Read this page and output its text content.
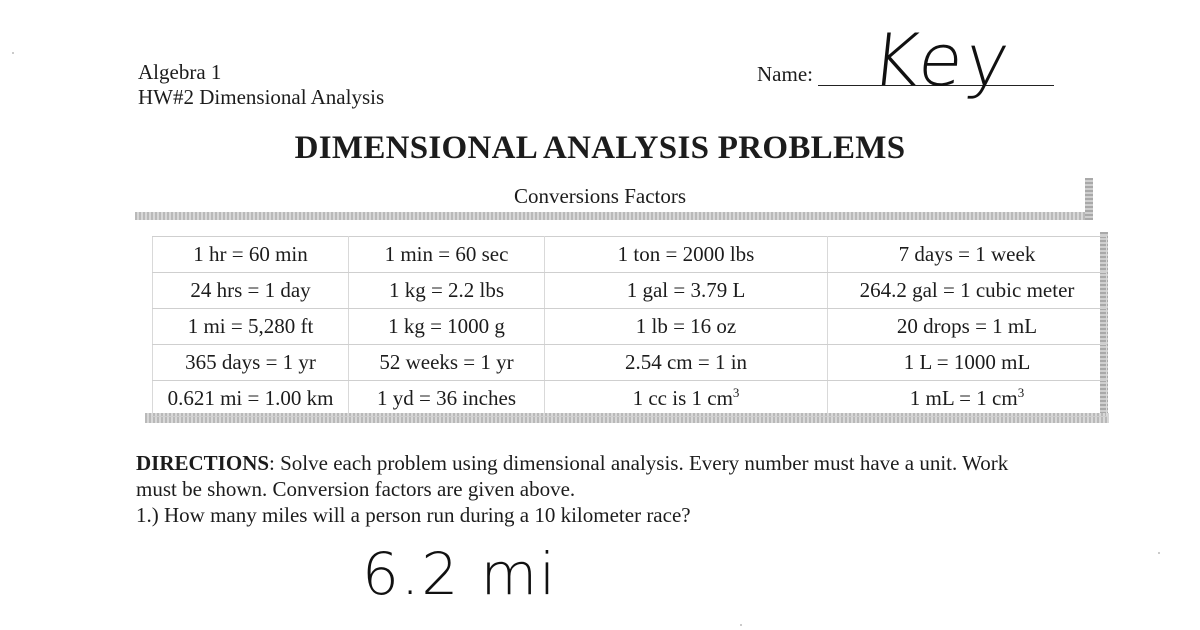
Algebra 1
HW#2 Dimensional Analysis
Name: Key
DIMENSIONAL ANALYSIS PROBLEMS
Conversions Factors
1 hr = 60 min	1 min = 60 sec	1 ton = 2000 lbs	7 days = 1 week
24 hrs = 1 day	1 kg = 2.2 lbs	1 gal = 3.79 L	264.2 gal = 1 cubic meter
1 mi = 5,280 ft	1 kg = 1000 g	1 lb = 16 oz	20 drops = 1 mL
365 days = 1 yr	52 weeks = 1 yr	2.54 cm = 1 in	1 L = 1000 mL
0.621 mi = 1.00 km	1 yd = 36 inches	1 cc is 1 $cm^3$	1 mL = 1 $cm^3$
DIRECTIONS: Solve each problem using dimensional analysis. Every number must have a unit. Work must be shown. Conversion factors are given above.
1.) How many miles will a person run during a 10 kilometer race?
6.2 mi
